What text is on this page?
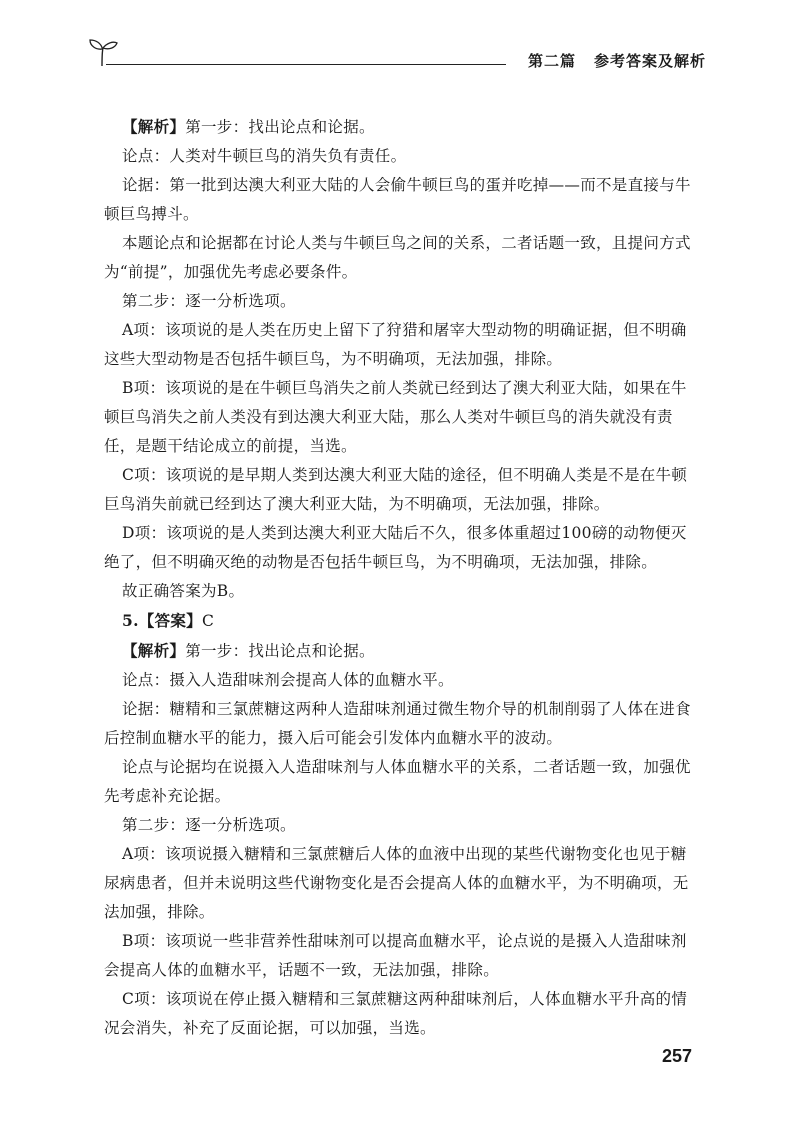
第二篇 参考答案及解析

【解析】第一步：找出论点和论据。

论点：人类对牛顿巨鸟的消失负有责任。

论据：第一批到达澳大利亚大陆的人会偷牛顿巨鸟的蛋并吃掉——而不是直接与牛顿巨鸟搏斗。

本题论点和论据都在讨论人类与牛顿巨鸟之间的关系，二者话题一致，且提问方式为“前提”，加强优先考虑必要条件。

第二步：逐一分析选项。

A项：该项说的是人类在历史上留下了狩猎和屠宰大型动物的明确证据，但不明确这些大型动物是否包括牛顿巨鸟，为不明确项，无法加强，排除。

B项：该项说的是在牛顿巨鸟消失之前人类就已经到达了澳大利亚大陆，如果在牛顿巨鸟消失之前人类没有到达澳大利亚大陆，那么人类对牛顿巨鸟的消失就没有责任，是题干结论成立的前提，当选。

C项：该项说的是早期人类到达澳大利亚大陆的途径，但不明确人类是不是在牛顿巨鸟消失前就已经到达了澳大利亚大陆，为不明确项，无法加强，排除。

D项：该项说的是人类到达澳大利亚大陆后不久，很多体重超过100磅的动物便灭绝了，但不明确灭绝的动物是否包括牛顿巨鸟，为不明确项，无法加强，排除。

故正确答案为B。

5.【答案】C

【解析】第一步：找出论点和论据。

论点：摄入人造甜味剂会提高人体的血糖水平。

论据：糖精和三氯蔗糖这两种人造甜味剂通过微生物介导的机制削弱了人体在进食后控制血糖水平的能力，摄入后可能会引发体内血糖水平的波动。

论点与论据均在说摄入人造甜味剂与人体血糖水平的关系，二者话题一致，加强优先考虑补充论据。

第二步：逐一分析选项。

A项：该项说摄入糖精和三氯蔗糖后人体的血液中出现的某些代谢物变化也见于糖尿病患者，但并未说明这些代谢物变化是否会提高人体的血糖水平，为不明确项，无法加强，排除。

B项：该项说一些非营养性甜味剂可以提高血糖水平，论点说的是摄入人造甜味剂会提高人体的血糖水平，话题不一致，无法加强，排除。

C项：该项说在停止摄入糖精和三氯蔗糖这两种甜味剂后，人体血糖水平升高的情况会消失，补充了反面论据，可以加强，当选。

257
